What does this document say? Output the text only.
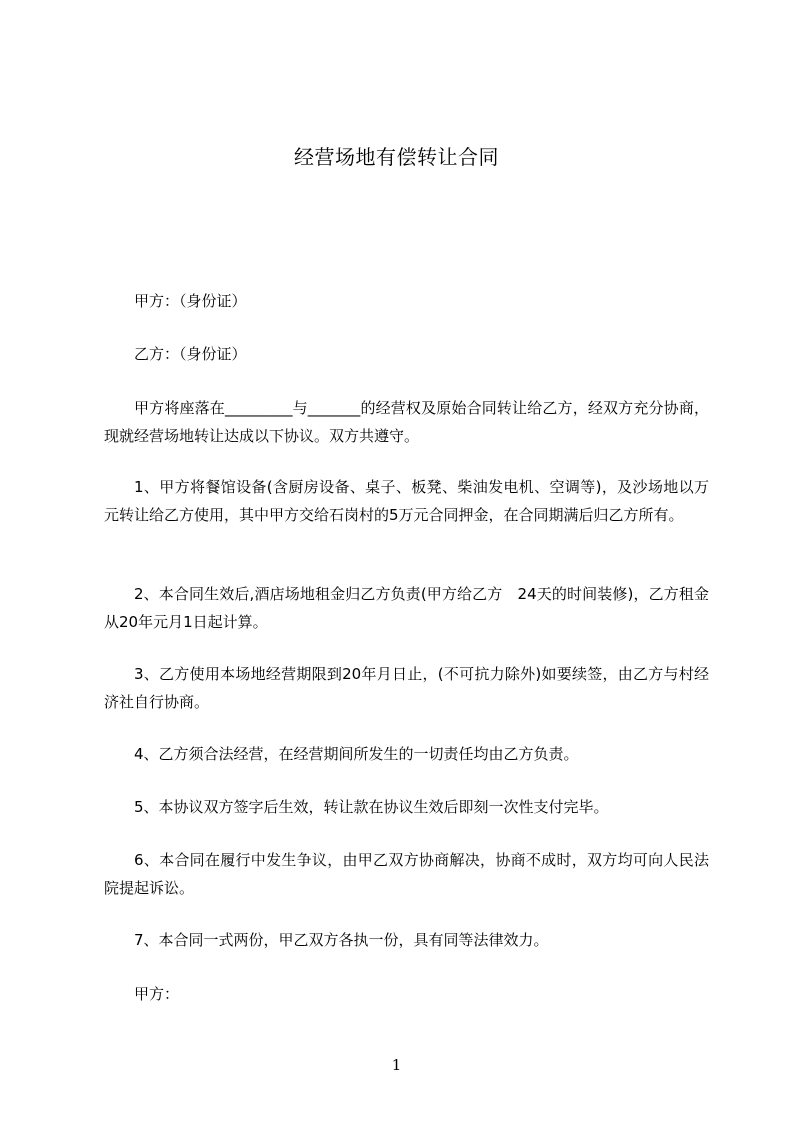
经营场地有偿转让合同
甲方：（身份证）
乙方：（身份证）
甲方将座落在_________与_______的经营权及原始合同转让给乙方，经双方充分协商，现就经营场地转让达成以下协议。双方共遵守。
1、甲方将餐馆设备(含厨房设备、桌子、板凳、柴油发电机、空调等)，及沙场地以万元转让给乙方使用，其中甲方交给石岗村的5万元合同押金，在合同期满后归乙方所有。
2、本合同生效后,酒店场地租金归乙方负责(甲方给乙方　24天的时间装修)，乙方租金从20年元月1日起计算。
3、乙方使用本场地经营期限到20年月日止，(不可抗力除外)如要续签，由乙方与村经济社自行协商。
4、乙方须合法经营，在经营期间所发生的一切责任均由乙方负责。
5、本协议双方签字后生效，转让款在协议生效后即刻一次性支付完毕。
6、本合同在履行中发生争议，由甲乙双方协商解决，协商不成时，双方均可向人民法院提起诉讼。
7、本合同一式两份，甲乙双方各执一份，具有同等法律效力。
甲方：
1
